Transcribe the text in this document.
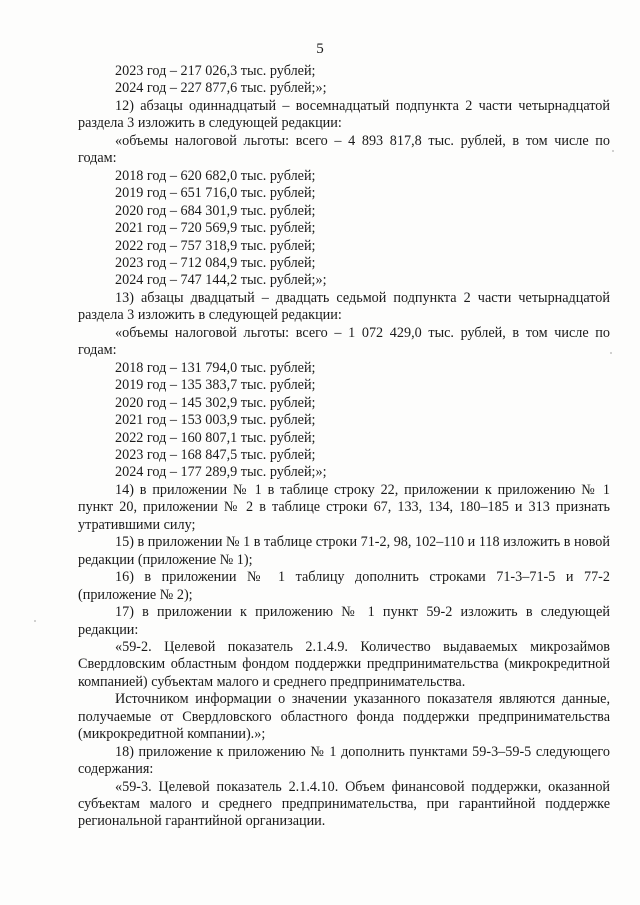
5

2023 год – 217 026,3 тыс. рублей;

2024 год – 227 877,6 тыс. рублей;»;

12) абзацы одиннадцатый – восемнадцатый подпункта 2 части четырнадцатой раздела 3 изложить в следующей редакции:

«объемы налоговой льготы: всего – 4 893 817,8 тыс. рублей, в том числе по годам:

2018 год – 620 682,0 тыс. рублей;

2019 год – 651 716,0 тыс. рублей;

2020 год – 684 301,9 тыс. рублей;

2021 год – 720 569,9 тыс. рублей;

2022 год – 757 318,9 тыс. рублей;

2023 год – 712 084,9 тыс. рублей;

2024 год – 747 144,2 тыс. рублей;»;

13) абзацы двадцатый – двадцать седьмой подпункта 2 части четырнадцатой раздела 3 изложить в следующей редакции:

«объемы налоговой льготы: всего – 1 072 429,0 тыс. рублей, в том числе по годам:

2018 год – 131 794,0 тыс. рублей;

2019 год – 135 383,7 тыс. рублей;

2020 год – 145 302,9 тыс. рублей;

2021 год – 153 003,9 тыс. рублей;

2022 год – 160 807,1 тыс. рублей;

2023 год – 168 847,5 тыс. рублей;

2024 год – 177 289,9 тыс. рублей;»;

14) в приложении № 1 в таблице строку 22, приложении к приложению № 1 пункт 20, приложении № 2 в таблице строки 67, 133, 134, 180–185 и 313 признать утратившими силу;

15) в приложении № 1 в таблице строки 71-2, 98, 102–110 и 118 изложить в новой редакции (приложение № 1);

16) в приложении № 1 таблицу дополнить строками 71-3–71-5 и 77-2 (приложение № 2);

17) в приложении к приложению № 1 пункт 59-2 изложить в следующей редакции:

«59-2. Целевой показатель 2.1.4.9. Количество выдаваемых микрозаймов Свердловским областным фондом поддержки предпринимательства (микрокредитной компанией) субъектам малого и среднего предпринимательства.

Источником информации о значении указанного показателя являются данные, получаемые от Свердловского областного фонда поддержки предпринимательства (микрокредитной компании).»;

18) приложение к приложению № 1 дополнить пунктами 59-3–59-5 следующего содержания:

«59-3. Целевой показатель 2.1.4.10. Объем финансовой поддержки, оказанной субъектам малого и среднего предпринимательства, при гарантийной поддержке региональной гарантийной организации.
